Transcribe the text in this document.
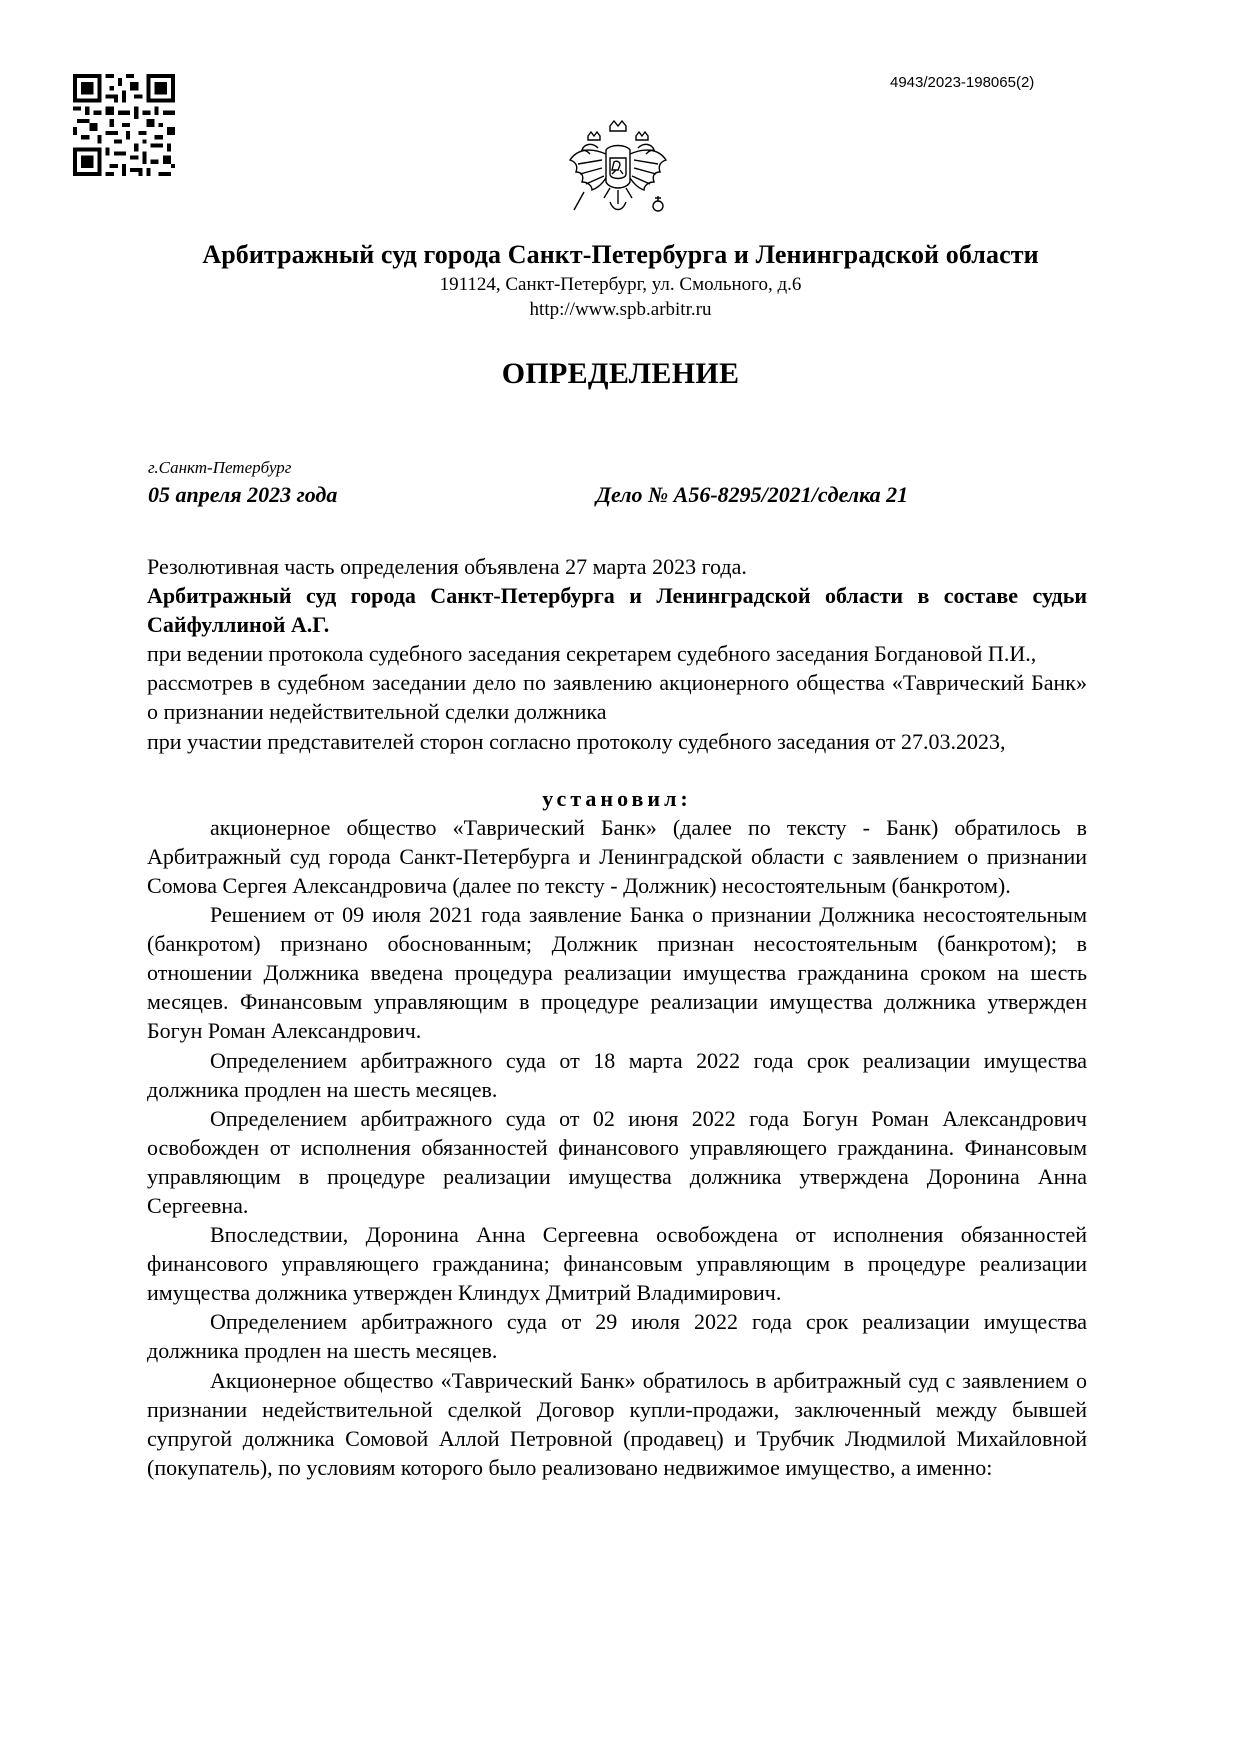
4943/2023-198065(2)
Арбитражный суд города Санкт-Петербурга и Ленинградской области
191124, Санкт-Петербург, ул. Смольного, д.6
http://www.spb.arbitr.ru
ОПРЕДЕЛЕНИЕ
г.Санкт-Петербург
05 апреля 2023 года	Дело № А56-8295/2021/сделка 21

Резолютивная часть определения объявлена 27 марта 2023 года.

Арбитражный суд города Санкт-Петербурга и Ленинградской области в составе судьи Сайфуллиной А.Г.

при ведении протокола судебного заседания секретарем судебного заседания Богдановой П.И.,

рассмотрев в судебном заседании дело по заявлению акционерного общества «Таврический Банк» о признании недействительной сделки должника

при участии представителей сторон согласно протоколу судебного заседания от 27.03.2023,

установил:

акционерное общество «Таврический Банк» (далее по тексту - Банк) обратилось в Арбитражный суд города Санкт-Петербурга и Ленинградской области с заявлением о признании Сомова Сергея Александровича (далее по тексту - Должник) несостоятельным (банкротом).

Решением от 09 июля 2021 года заявление Банка о признании Должника несостоятельным (банкротом) признано обоснованным; Должник признан несостоятельным (банкротом); в отношении Должника введена процедура реализации имущества гражданина сроком на шесть месяцев. Финансовым управляющим в процедуре реализации имущества должника утвержден Богун Роман Александрович.

Определением арбитражного суда от 18 марта 2022 года срок реализации имущества должника продлен на шесть месяцев.

Определением арбитражного суда от 02 июня 2022 года Богун Роман Александрович освобожден от исполнения обязанностей финансового управляющего гражданина. Финансовым управляющим в процедуре реализации имущества должника утверждена Доронина Анна Сергеевна.

Впоследствии, Доронина Анна Сергеевна освобождена от исполнения обязанностей финансового управляющего гражданина; финансовым управляющим в процедуре реализации имущества должника утвержден Клиндух Дмитрий Владимирович.

Определением арбитражного суда от 29 июля 2022 года срок реализации имущества должника продлен на шесть месяцев.

Акционерное общество «Таврический Банк» обратилось в арбитражный суд с заявлением о признании недействительной сделкой Договор купли-продажи, заключенный между бывшей супругой должника Сомовой Аллой Петровной (продавец) и Трубчик Людмилой Михайловной (покупатель), по условиям которого было реализовано недвижимое имущество, а именно:
